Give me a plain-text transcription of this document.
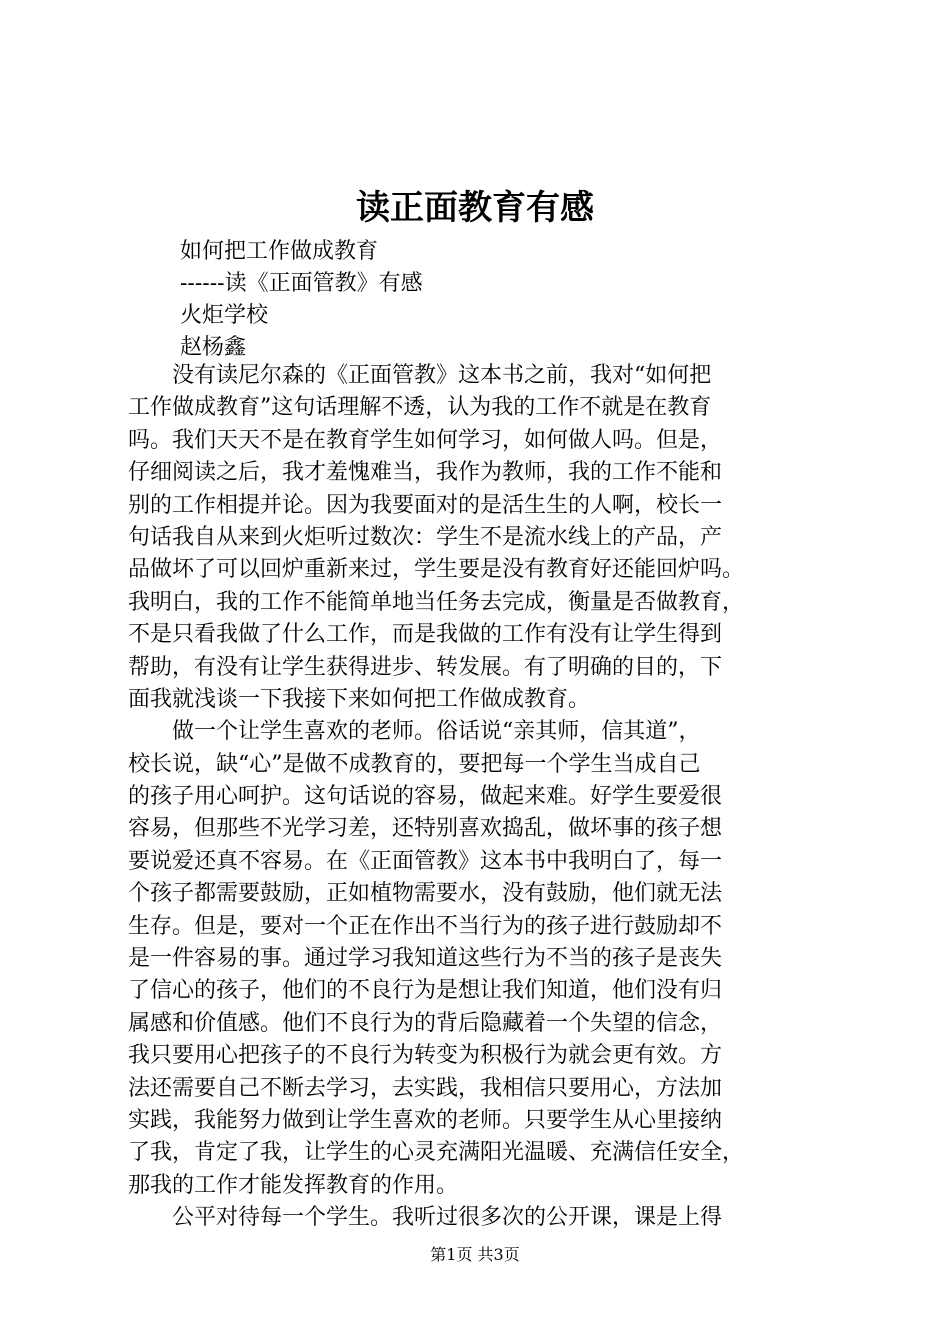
读正面教育有感
如何把工作做成教育
------读《正面管教》有感
火炬学校
赵杨鑫
　　没有读尼尔森的《正面管教》这本书之前，我对“如何把
工作做成教育”这句话理解不透，认为我的工作不就是在教育
吗。我们天天不是在教育学生如何学习，如何做人吗。但是，
仔细阅读之后，我才羞愧难当，我作为教师，我的工作不能和
别的工作相提并论。因为我要面对的是活生生的人啊，校长一
句话我自从来到火炬听过数次：学生不是流水线上的产品，产
品做坏了可以回炉重新来过，学生要是没有教育好还能回炉吗。
我明白，我的工作不能简单地当任务去完成，衡量是否做教育，
不是只看我做了什么工作，而是我做的工作有没有让学生得到
帮助，有没有让学生获得进步、转发展。有了明确的目的，下
面我就浅谈一下我接下来如何把工作做成教育。
　　做一个让学生喜欢的老师。俗话说“亲其师，信其道”，
校长说，缺“心”是做不成教育的，要把每一个学生当成自己
的孩子用心呵护。这句话说的容易，做起来难。好学生要爱很
容易，但那些不光学习差，还特别喜欢捣乱，做坏事的孩子想
要说爱还真不容易。在《正面管教》这本书中我明白了，每一
个孩子都需要鼓励，正如植物需要水，没有鼓励，他们就无法
生存。但是，要对一个正在作出不当行为的孩子进行鼓励却不
是一件容易的事。通过学习我知道这些行为不当的孩子是丧失
了信心的孩子，他们的不良行为是想让我们知道，他们没有归
属感和价值感。他们不良行为的背后隐藏着一个失望的信念，
我只要用心把孩子的不良行为转变为积极行为就会更有效。方
法还需要自己不断去学习，去实践，我相信只要用心，方法加
实践，我能努力做到让学生喜欢的老师。只要学生从心里接纳
了我，肯定了我，让学生的心灵充满阳光温暖、充满信任安全，
那我的工作才能发挥教育的作用。
　　公平对待每一个学生。我听过很多次的公开课，课是上得
第1页 共3页
